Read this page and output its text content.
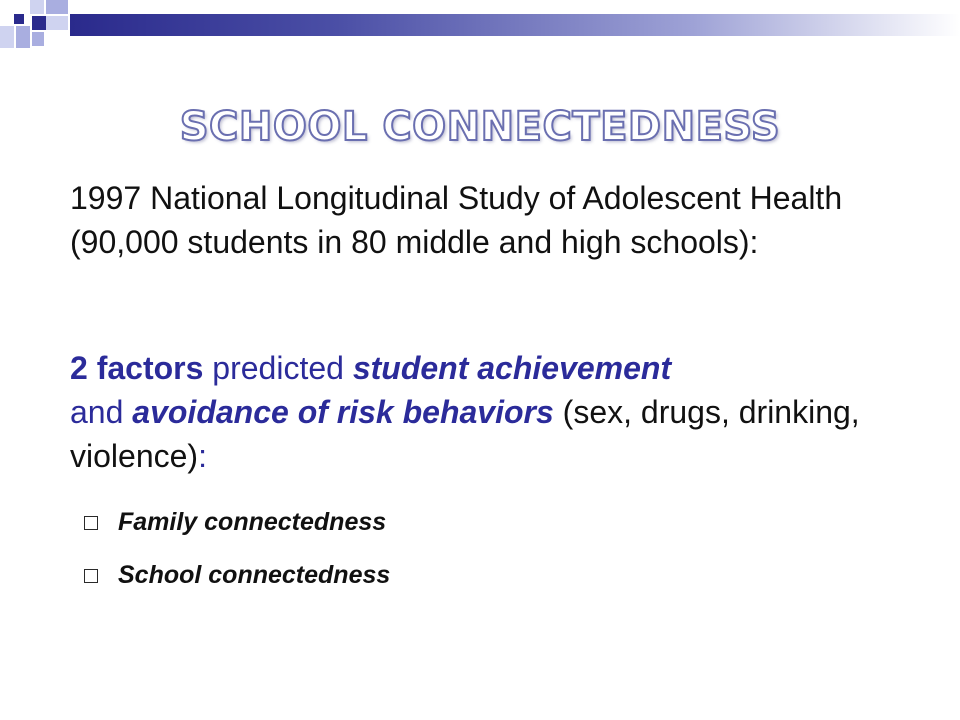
SCHOOL CONNECTEDNESS
1997 National Longitudinal Study of Adolescent Health (90,000 students in 80 middle and high schools):
2 factors predicted student achievement
and avoidance of risk behaviors (sex, drugs, drinking, violence):
Family connectedness
School connectedness
